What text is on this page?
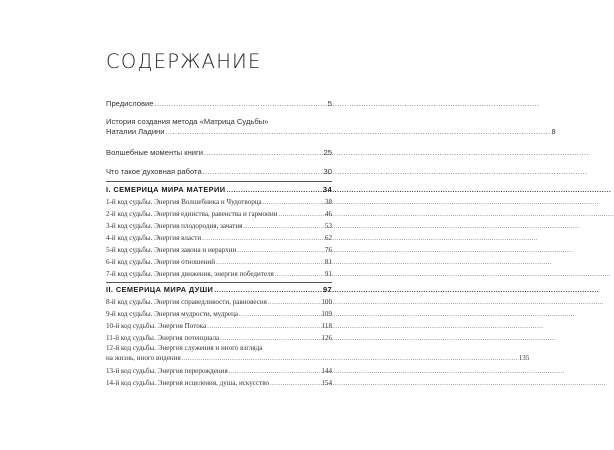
СОДЕРЖАНИЕ
Предисловие .....	5
История создания метода «Матрица Судьбы»
Наталии Ладини .....	8
Волшебные моменты книги .....	25
Что такое духовная работа .....	30
I. СЕМЕРИЦА МИРА МАТЕРИИ .....	34
1-й код судьбы. Энергия Волшебника и Чудотворца .....	38
2-й код судьбы. Энергия единства, равенства и гармонии .....	46
3-й код судьбы. Энергия плодородия, зачатия .....	53
4-й код судьбы. Энергия власти .....	62
5-й код судьбы. Энергия закона и иерархии .....	76
6-й код судьбы. Энергия отношений .....	81
7-й код судьбы. Энергия движения, энергия победителя .....	91
II. СЕМЕРИЦА МИРА ДУШИ .....	97
8-й код судьбы. Энергия справедливости, равновесия .....	100
9-й код судьбы. Энергия мудрости, мудреца .....	109
10-й код судьбы. Энергия Потока .....	118
11-й код судьбы. Энергия потенциала .....	126
12-й код судьбы. Энергия служения и иного взгляда
на жизнь, иного видения .....	135
13-й код судьбы. Энергия перерождения .....	144
14-й код судьбы. Энергия исцеления, душа, искусство .....	154
